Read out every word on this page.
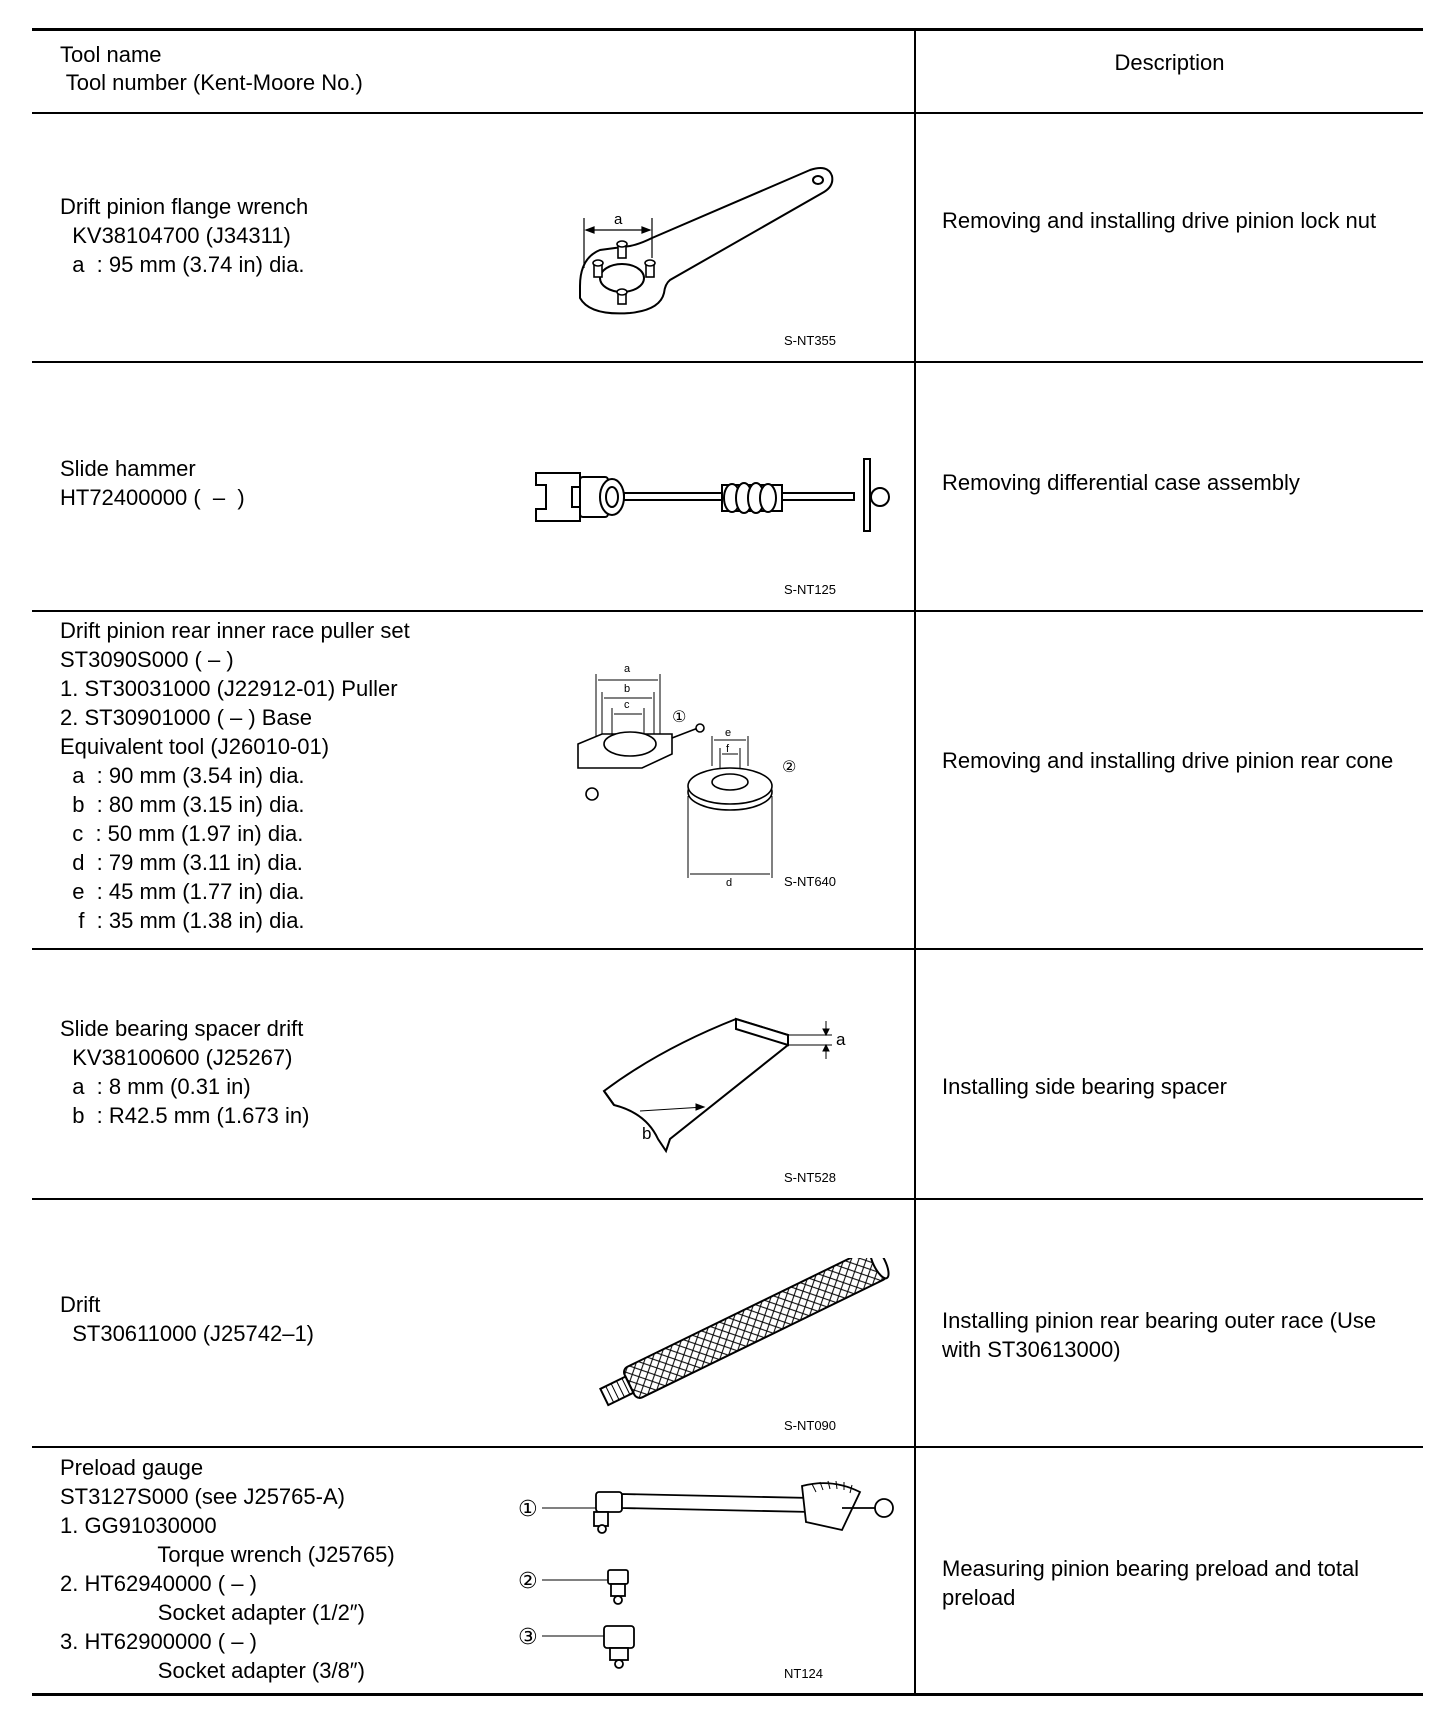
Tool name
Tool number (Kent-Moore No.)
Description
Drift pinion flange wrench
KV38104700 (J34311)
a  : 95 mm (3.74 in) dia.
a
S-NT355
Removing and installing drive pinion lock nut
Slide hammer
HT72400000 (  –  )
S-NT125
Removing differential case assembly
Drift pinion rear inner race puller set
ST3090S000 ( – )
1. ST30031000 (J22912-01) Puller
2. ST30901000 ( – ) Base
Equivalent tool (J26010-01)
a  : 90 mm (3.54 in) dia.
b  : 80 mm (3.15 in) dia.
c  : 50 mm (1.97 in) dia.
d  : 79 mm (3.11 in) dia.
e  : 45 mm (1.77 in) dia.
f  : 35 mm (1.38 in) dia.
a
b
c
e
f
d
①
②
S-NT640
Removing and installing drive pinion rear cone
Slide bearing spacer drift
KV38100600 (J25267)
a  : 8 mm (0.31 in)
b  : R42.5 mm (1.673 in)
a
b
S-NT528
Installing side bearing spacer
Drift
ST30611000 (J25742–1)
S-NT090
Installing pinion rear bearing outer race (Use with ST30613000)
Preload gauge
ST3127S000 (see J25765-A)
1. GG91030000
Torque wrench (J25765)
2. HT62940000 ( – )
Socket adapter (1/2″)
3. HT62900000 ( – )
Socket adapter (3/8″)
①
②
③
NT124
Measuring pinion bearing preload and total preload
